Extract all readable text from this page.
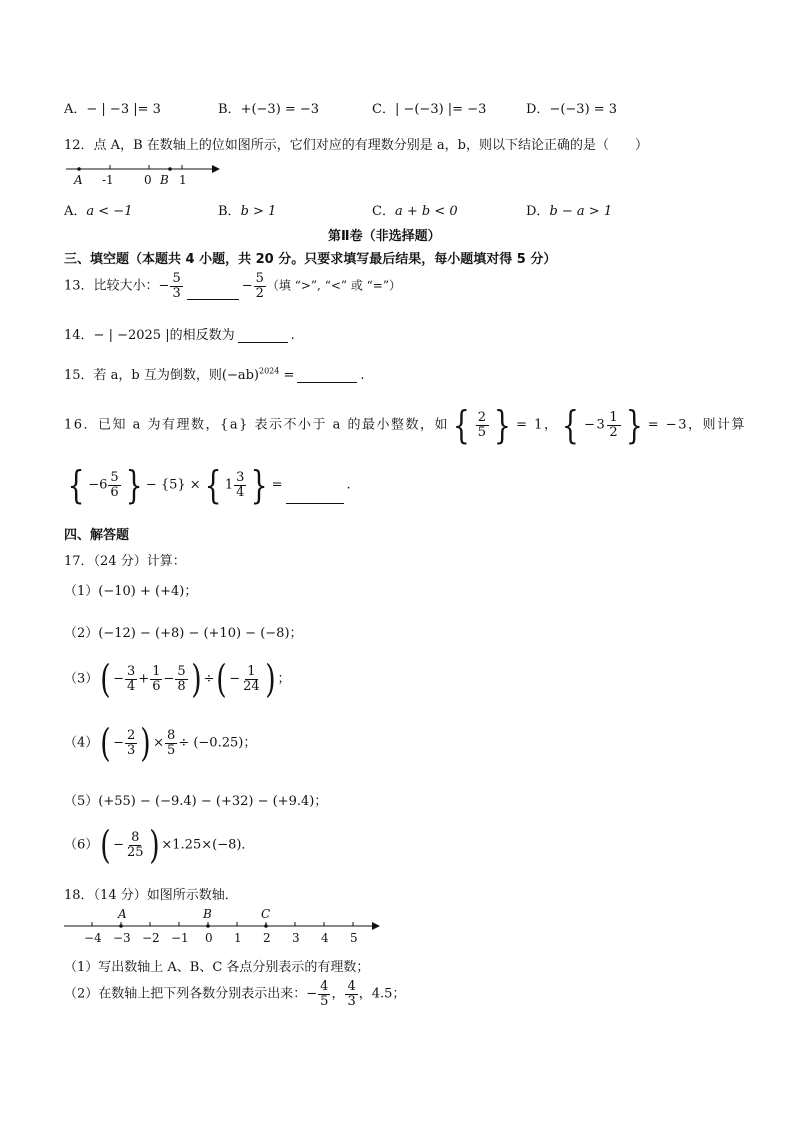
A．− | −3 |= 3	B．+(−3) = −3	C．| −(−3) |= −3	D．−(−3) = 3
12．点 A，B 在数轴上的位如图所示，它们对应的有理数分别是 a，b，则以下结论正确的是（　　）
A -1	0 B 1
A．a < −1	B．b > 1	C．a + b < 0	D．b − a > 1
第Ⅱ卷（非选择题）
三、填空题（本题共 4 小题，共 20 分。只要求填写最后结果，每小题填对得 5 分）
13．比较大小：− $\frac{5}{3}$	− $\frac{5}{2}$ （填 “>”, “<” 或 “=”）
14．− | −2025 |的相反数为	.
15．若 a，b 互为倒数，则$(-ab)^{2024}$ =	.
16．已知 a 为有理数，{a} 表示不小于 a 的最小整数，如 { $\frac{2}{5}$ } = 1， { $-3 \frac{1}{2}$ } = −3，则计算
{ $-6 \frac{5}{6}$ } − {5} ×{ $1 \frac{3}{4}$ } =	.
四、解答题
17．（24 分）计算：
（1）(−10) + (+4)；
（2）(−12) − (+8) − (+10) − (−8)；
$(3)( - \frac{3}{4} + \frac{1}{6} - \frac{5}{8}$ ) ÷( − $\frac{1}{24}$ ) ；
$(4)( - \frac{2}{3}$ ) × $\frac{8}{5} \div (-0.25)$；
（5）(+55) − (−9.4) − (+32) − (+9.4)；
$(6)( - \frac{8}{25}$ ) ×1.25×(−8)．
18．（14 分）如图所示数轴．
−4 −3 −2 −1 0 1 2 3 4 5
A	B	C
（1）写出数轴上 A、B、C 各点分别表示的有理数；
（2）在数轴上把下列各数分别表示出来：− $\frac{4}{5}$ ， $\frac{4}{3}$ ，4.5；
